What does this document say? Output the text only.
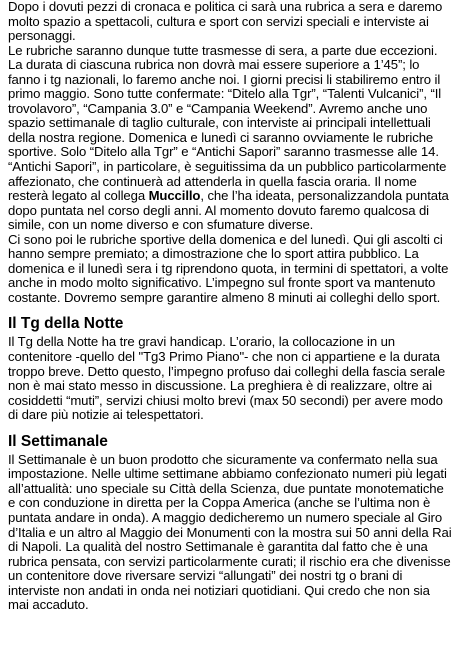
Dopo i dovuti pezzi di cronaca e politica ci sarà una rubrica a sera e daremo
molto spazio a spettacoli, cultura e sport con servizi speciali e interviste ai
personaggi.

Le rubriche saranno dunque tutte trasmesse di sera, a parte due eccezioni.
La durata di ciascuna rubrica non dovrà mai essere superiore a 1’45”; lo
fanno i tg nazionali, lo faremo anche noi. I giorni precisi li stabiliremo entro il
primo maggio. Sono tutte confermate: “Ditelo alla Tgr”, “Talenti Vulcanici”, “Il
trovolavoro”, “Campania 3.0” e “Campania Weekend”. Avremo anche uno
spazio settimanale di taglio culturale, con interviste ai principali intellettuali
della nostra regione. Domenica e lunedì ci saranno ovviamente le rubriche
sportive. Solo “Ditelo alla Tgr” e “Antichi Sapori” saranno trasmesse alle 14.
“Antichi Sapori”, in particolare, è seguitissima da un pubblico particolarmente
affezionato, che continuerà ad attenderla in quella fascia oraria. Il nome
resterà legato al collega Muccillo, che l’ha ideata, personalizzandola puntata
dopo puntata nel corso degli anni. Al momento dovuto faremo qualcosa di
simile, con un nome diverso e con sfumature diverse.

Ci sono poi le rubriche sportive della domenica e del lunedì. Qui gli ascolti ci
hanno sempre premiato; a dimostrazione che lo sport attira pubblico. La
domenica e il lunedì sera i tg riprendono quota, in termini di spettatori, a volte
anche in modo molto significativo. L’impegno sul fronte sport va mantenuto
costante. Dovremo sempre garantire almeno 8 minuti ai colleghi dello sport.

Il Tg della Notte

Il Tg della Notte ha tre gravi handicap. L’orario, la collocazione in un
contenitore -quello del "Tg3 Primo Piano"- che non ci appartiene e la durata
troppo breve. Detto questo, l’impegno profuso dai colleghi della fascia serale
non è mai stato messo in discussione. La preghiera è di realizzare, oltre ai
cosiddetti “muti”, servizi chiusi molto brevi (max 50 secondi) per avere modo
di dare più notizie ai telespettatori.

Il Settimanale

Il Settimanale è un buon prodotto che sicuramente va confermato nella sua
impostazione. Nelle ultime settimane abbiamo confezionato numeri più legati
all’attualità: uno speciale su Città della Scienza, due puntate monotematiche
e con conduzione in diretta per la Coppa America (anche se l’ultima non è
puntata andare in onda). A maggio dedicheremo un numero speciale al Giro
d’Italia e un altro al Maggio dei Monumenti con la mostra sui 50 anni della Rai
di Napoli. La qualità del nostro Settimanale è garantita dal fatto che è una
rubrica pensata, con servizi particolarmente curati; il rischio era che divenisse
un contenitore dove riversare servizi “allungati” dei nostri tg o brani di
interviste non andati in onda nei notiziari quotidiani. Qui credo che non sia
mai accaduto.
